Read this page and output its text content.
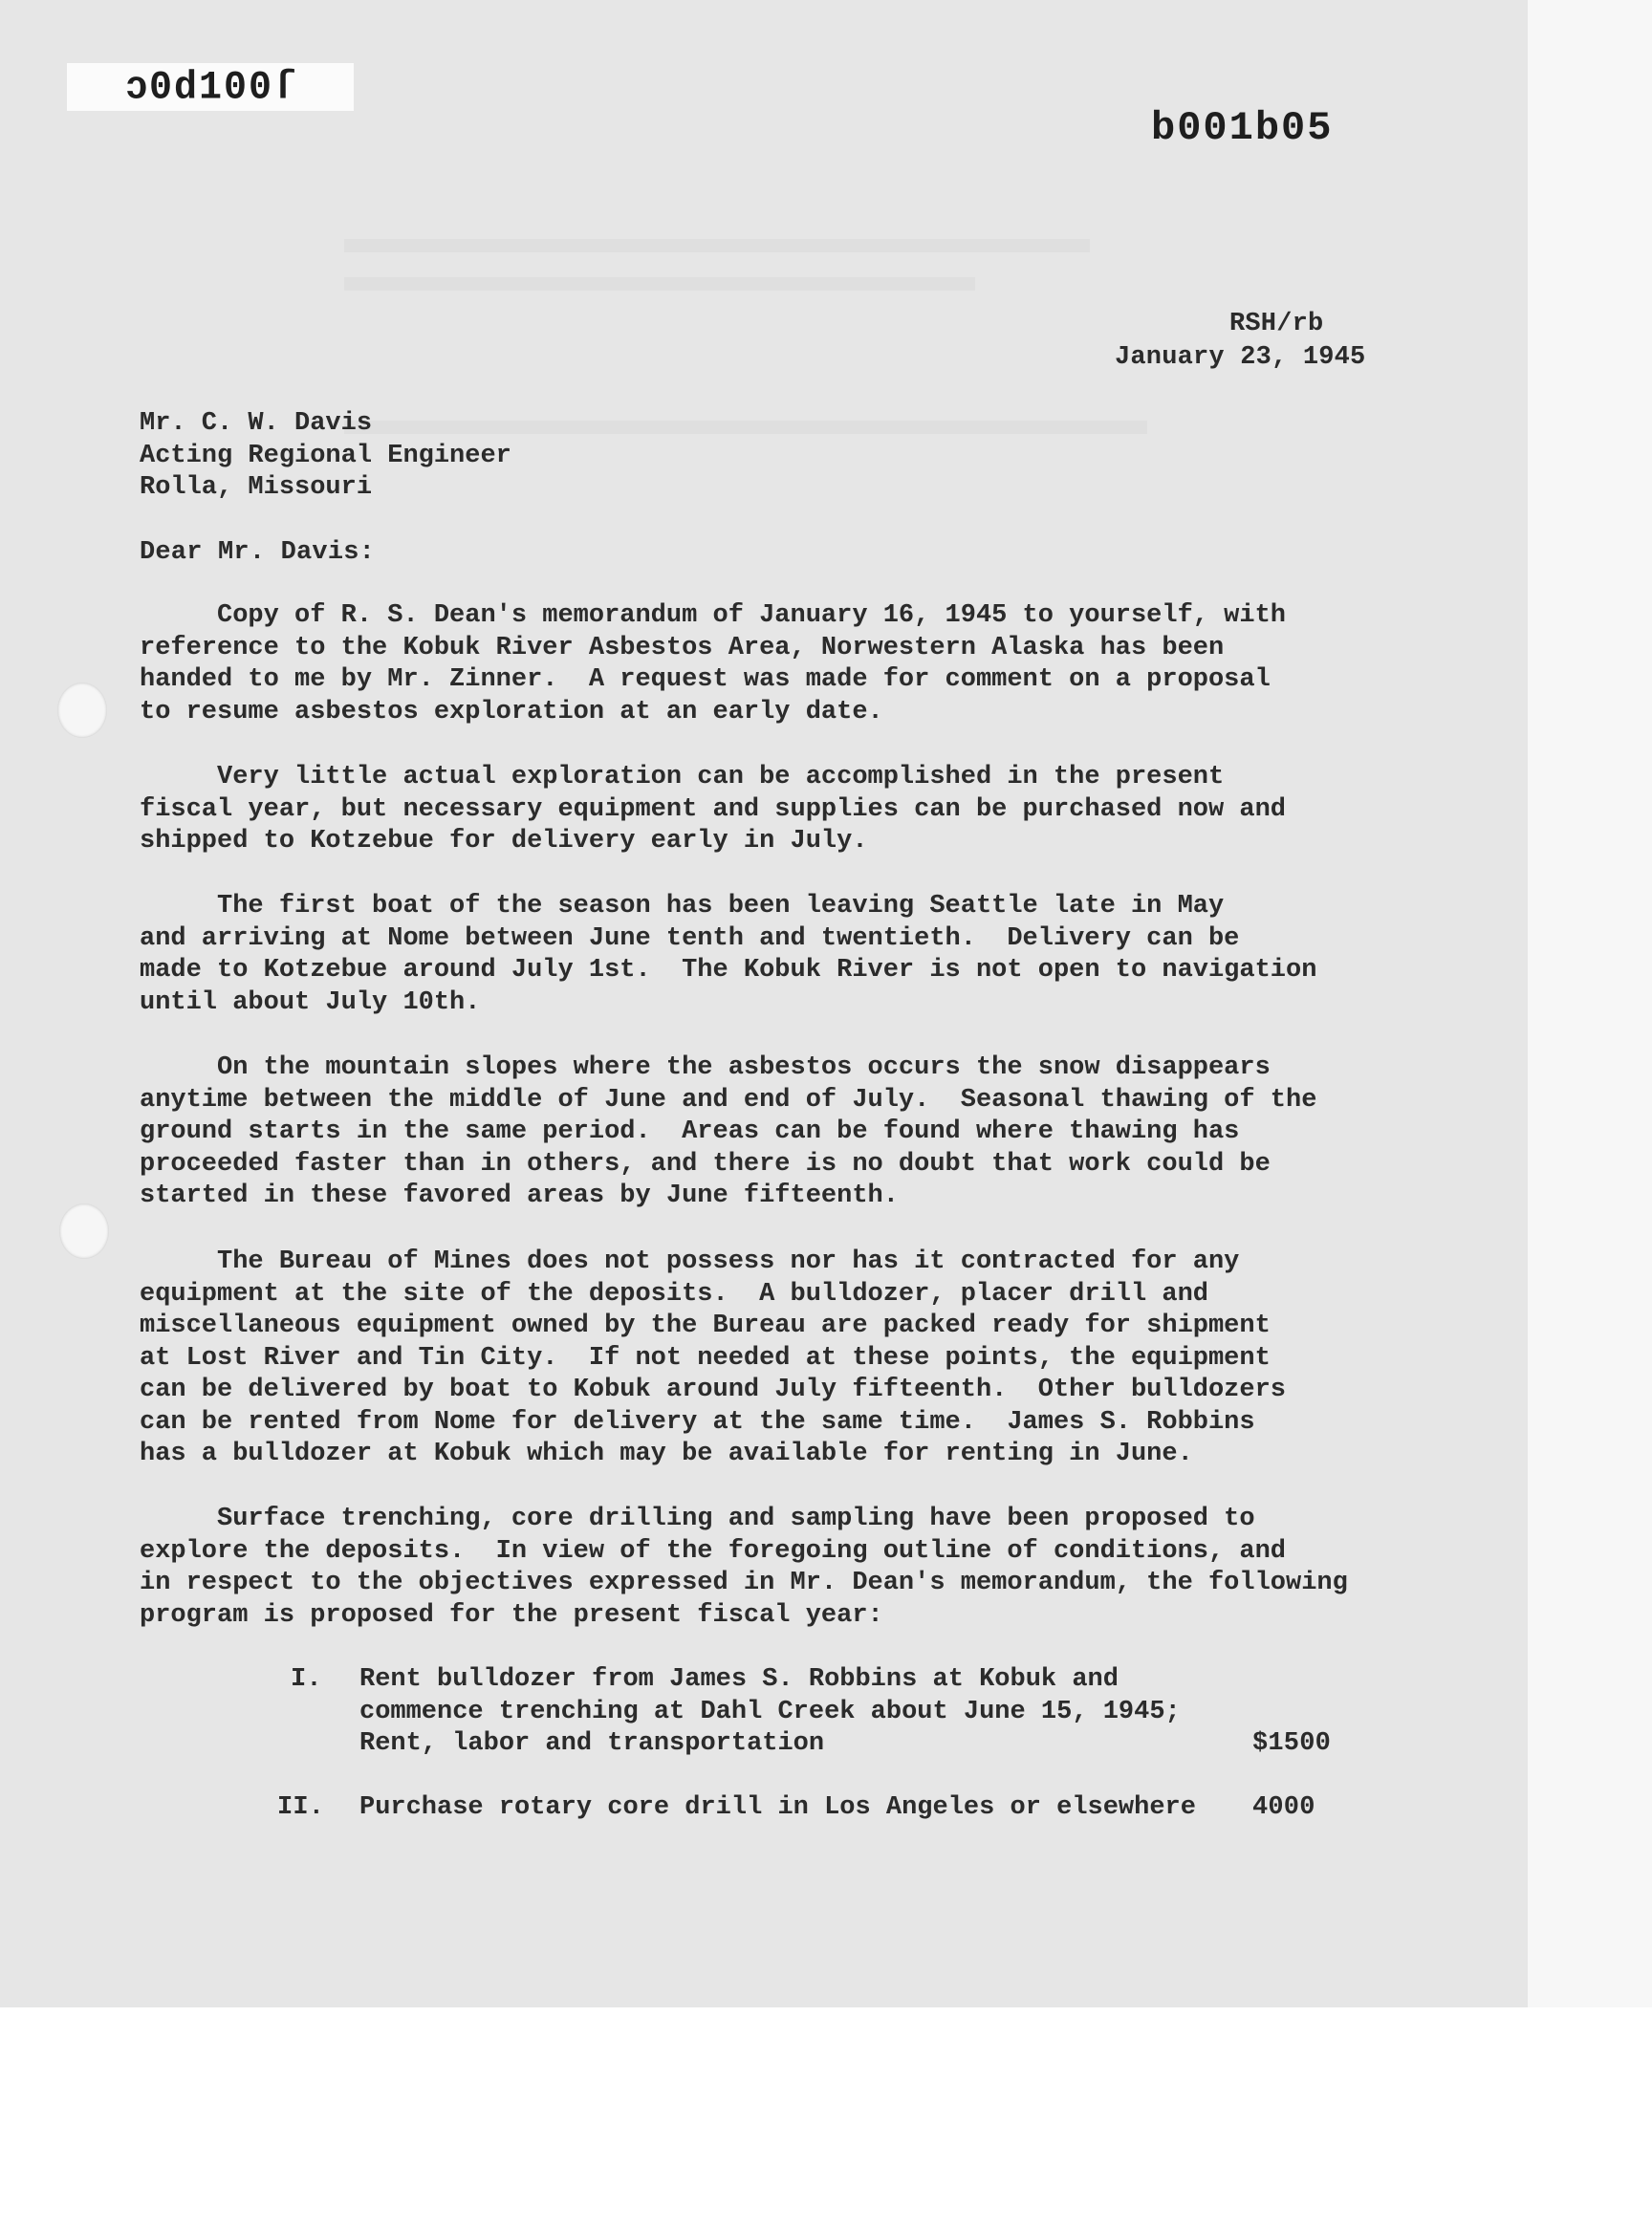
ᴐ0d100ſ
b001b05
RSH/rb
January 23, 1945
Mr. C. W. Davis
Acting Regional Engineer
Rolla, Missouri
Dear Mr. Davis:
Copy of R. S. Dean's memorandum of January 16, 1945 to yourself, with
reference to the Kobuk River Asbestos Area, Norwestern Alaska has been
handed to me by Mr. Zinner.  A request was made for comment on a proposal
to resume asbestos exploration at an early date.
Very little actual exploration can be accomplished in the present
fiscal year, but necessary equipment and supplies can be purchased now and
shipped to Kotzebue for delivery early in July.
The first boat of the season has been leaving Seattle late in May
and arriving at Nome between June tenth and twentieth.  Delivery can be
made to Kotzebue around July 1st.  The Kobuk River is not open to navigation
until about July 10th.
On the mountain slopes where the asbestos occurs the snow disappears
anytime between the middle of June and end of July.  Seasonal thawing of the
ground starts in the same period.  Areas can be found where thawing has
proceeded faster than in others, and there is no doubt that work could be
started in these favored areas by June fifteenth.
The Bureau of Mines does not possess nor has it contracted for any
equipment at the site of the deposits.  A bulldozer, placer drill and
miscellaneous equipment owned by the Bureau are packed ready for shipment
at Lost River and Tin City.  If not needed at these points, the equipment
can be delivered by boat to Kobuk around July fifteenth.  Other bulldozers
can be rented from Nome for delivery at the same time.  James S. Robbins
has a bulldozer at Kobuk which may be available for renting in June.
Surface trenching, core drilling and sampling have been proposed to
explore the deposits.  In view of the foregoing outline of conditions, and
in respect to the objectives expressed in Mr. Dean's memorandum, the following
program is proposed for the present fiscal year:
I. Rent bulldozer from James S. Robbins at Kobuk and
commence trenching at Dahl Creek about June 15, 1945;
Rent, labor and transportation	$1500
II. Purchase rotary core drill in Los Angeles or elsewhere 4000
